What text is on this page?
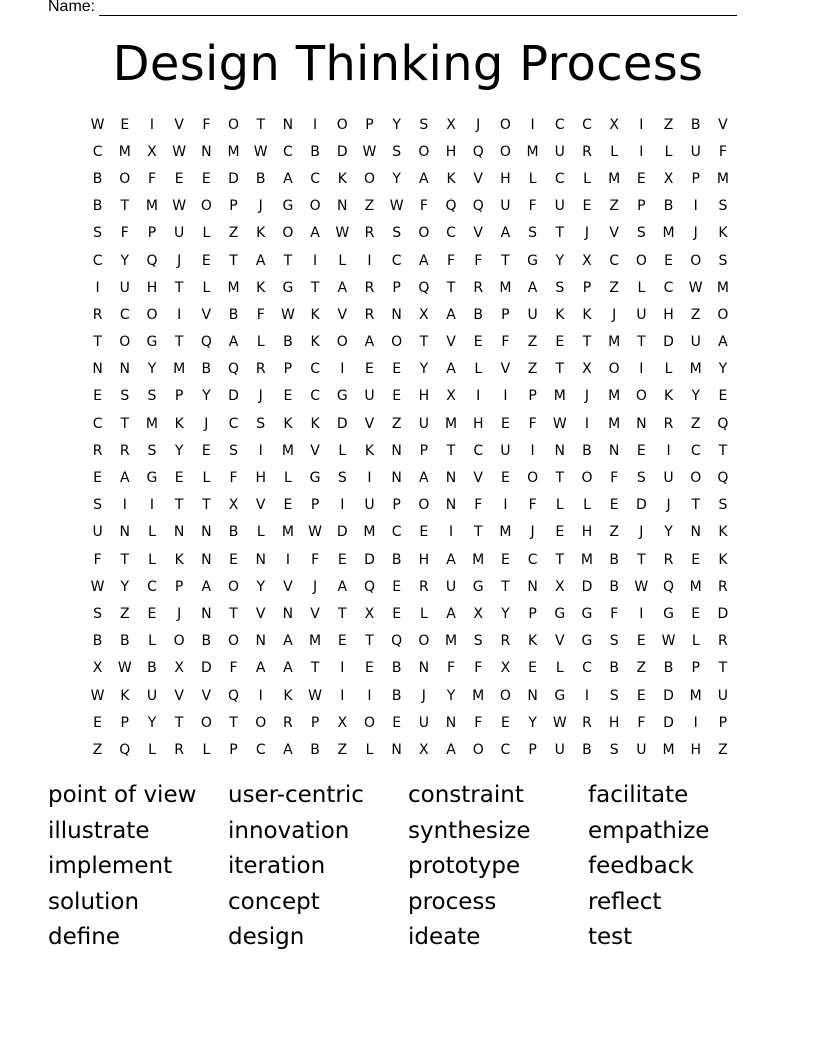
Name:
Design Thinking Process
W	E	I	V	F	O	T	N	I	O	P	Y	S	X	J	O	I	C	C	X	I	Z	B	V
C	M	X	W	N	M	W	C	B	D	W	S	O	H	Q	O	M	U	R	L	I	L	U	F
B	O	F	E	E	D	B	A	C	K	O	Y	A	K	V	H	L	C	L	M	E	X	P	M
B	T	M	W	O	P	J	G	O	N	Z	W	F	Q	Q	U	F	U	E	Z	P	B	I	S
S	F	P	U	L	Z	K	O	A	W	R	S	O	C	V	A	S	T	J	V	S	M	J	K
C	Y	Q	J	E	T	A	T	I	L	I	C	A	F	F	T	G	Y	X	C	O	E	O	S
I	U	H	T	L	M	K	G	T	A	R	P	Q	T	R	M	A	S	P	Z	L	C	W	M
R	C	O	I	V	B	F	W	K	V	R	N	X	A	B	P	U	K	K	J	U	H	Z	O
T	O	G	T	Q	A	L	B	K	O	A	O	T	V	E	F	Z	E	T	M	T	D	U	A
N	N	Y	M	B	Q	R	P	C	I	E	E	Y	A	L	V	Z	T	X	O	I	L	M	Y
E	S	S	P	Y	D	J	E	C	G	U	E	H	X	I	I	P	M	J	M	O	K	Y	E
C	T	M	K	J	C	S	K	K	D	V	Z	U	M	H	E	F	W	I	M	N	R	Z	Q
R	R	S	Y	E	S	I	M	V	L	K	N	P	T	C	U	I	N	B	N	E	I	C	T
E	A	G	E	L	F	H	L	G	S	I	N	A	N	V	E	O	T	O	F	S	U	O	Q
S	I	I	T	T	X	V	E	P	I	U	P	O	N	F	I	F	L	L	E	D	J	T	S
U	N	L	N	N	B	L	M	W	D	M	C	E	I	T	M	J	E	H	Z	J	Y	N	K
F	T	L	K	N	E	N	I	F	E	D	B	H	A	M	E	C	T	M	B	T	R	E	K
W	Y	C	P	A	O	Y	V	J	A	Q	E	R	U	G	T	N	X	D	B	W	Q	M	R
S	Z	E	J	N	T	V	N	V	T	X	E	L	A	X	Y	P	G	G	F	I	G	E	D
B	B	L	O	B	O	N	A	M	E	T	Q	O	M	S	R	K	V	G	S	E	W	L	R
X	W	B	X	D	F	A	A	T	I	E	B	N	F	F	X	E	L	C	B	Z	B	P	T
W	K	U	V	V	Q	I	K	W	I	I	B	J	Y	M	O	N	G	I	S	E	D	M	U
E	P	Y	T	O	T	O	R	P	X	O	E	U	N	F	E	Y	W	R	H	F	D	I	P
Z	Q	L	R	L	P	C	A	B	Z	L	N	X	A	O	C	P	U	B	S	U	M	H	Z
point of view	user-centric	constraint	facilitate
illustrate	innovation	synthesize	empathize
implement	iteration	prototype	feedback
solution	concept	process	reflect
define	design	ideate	test
